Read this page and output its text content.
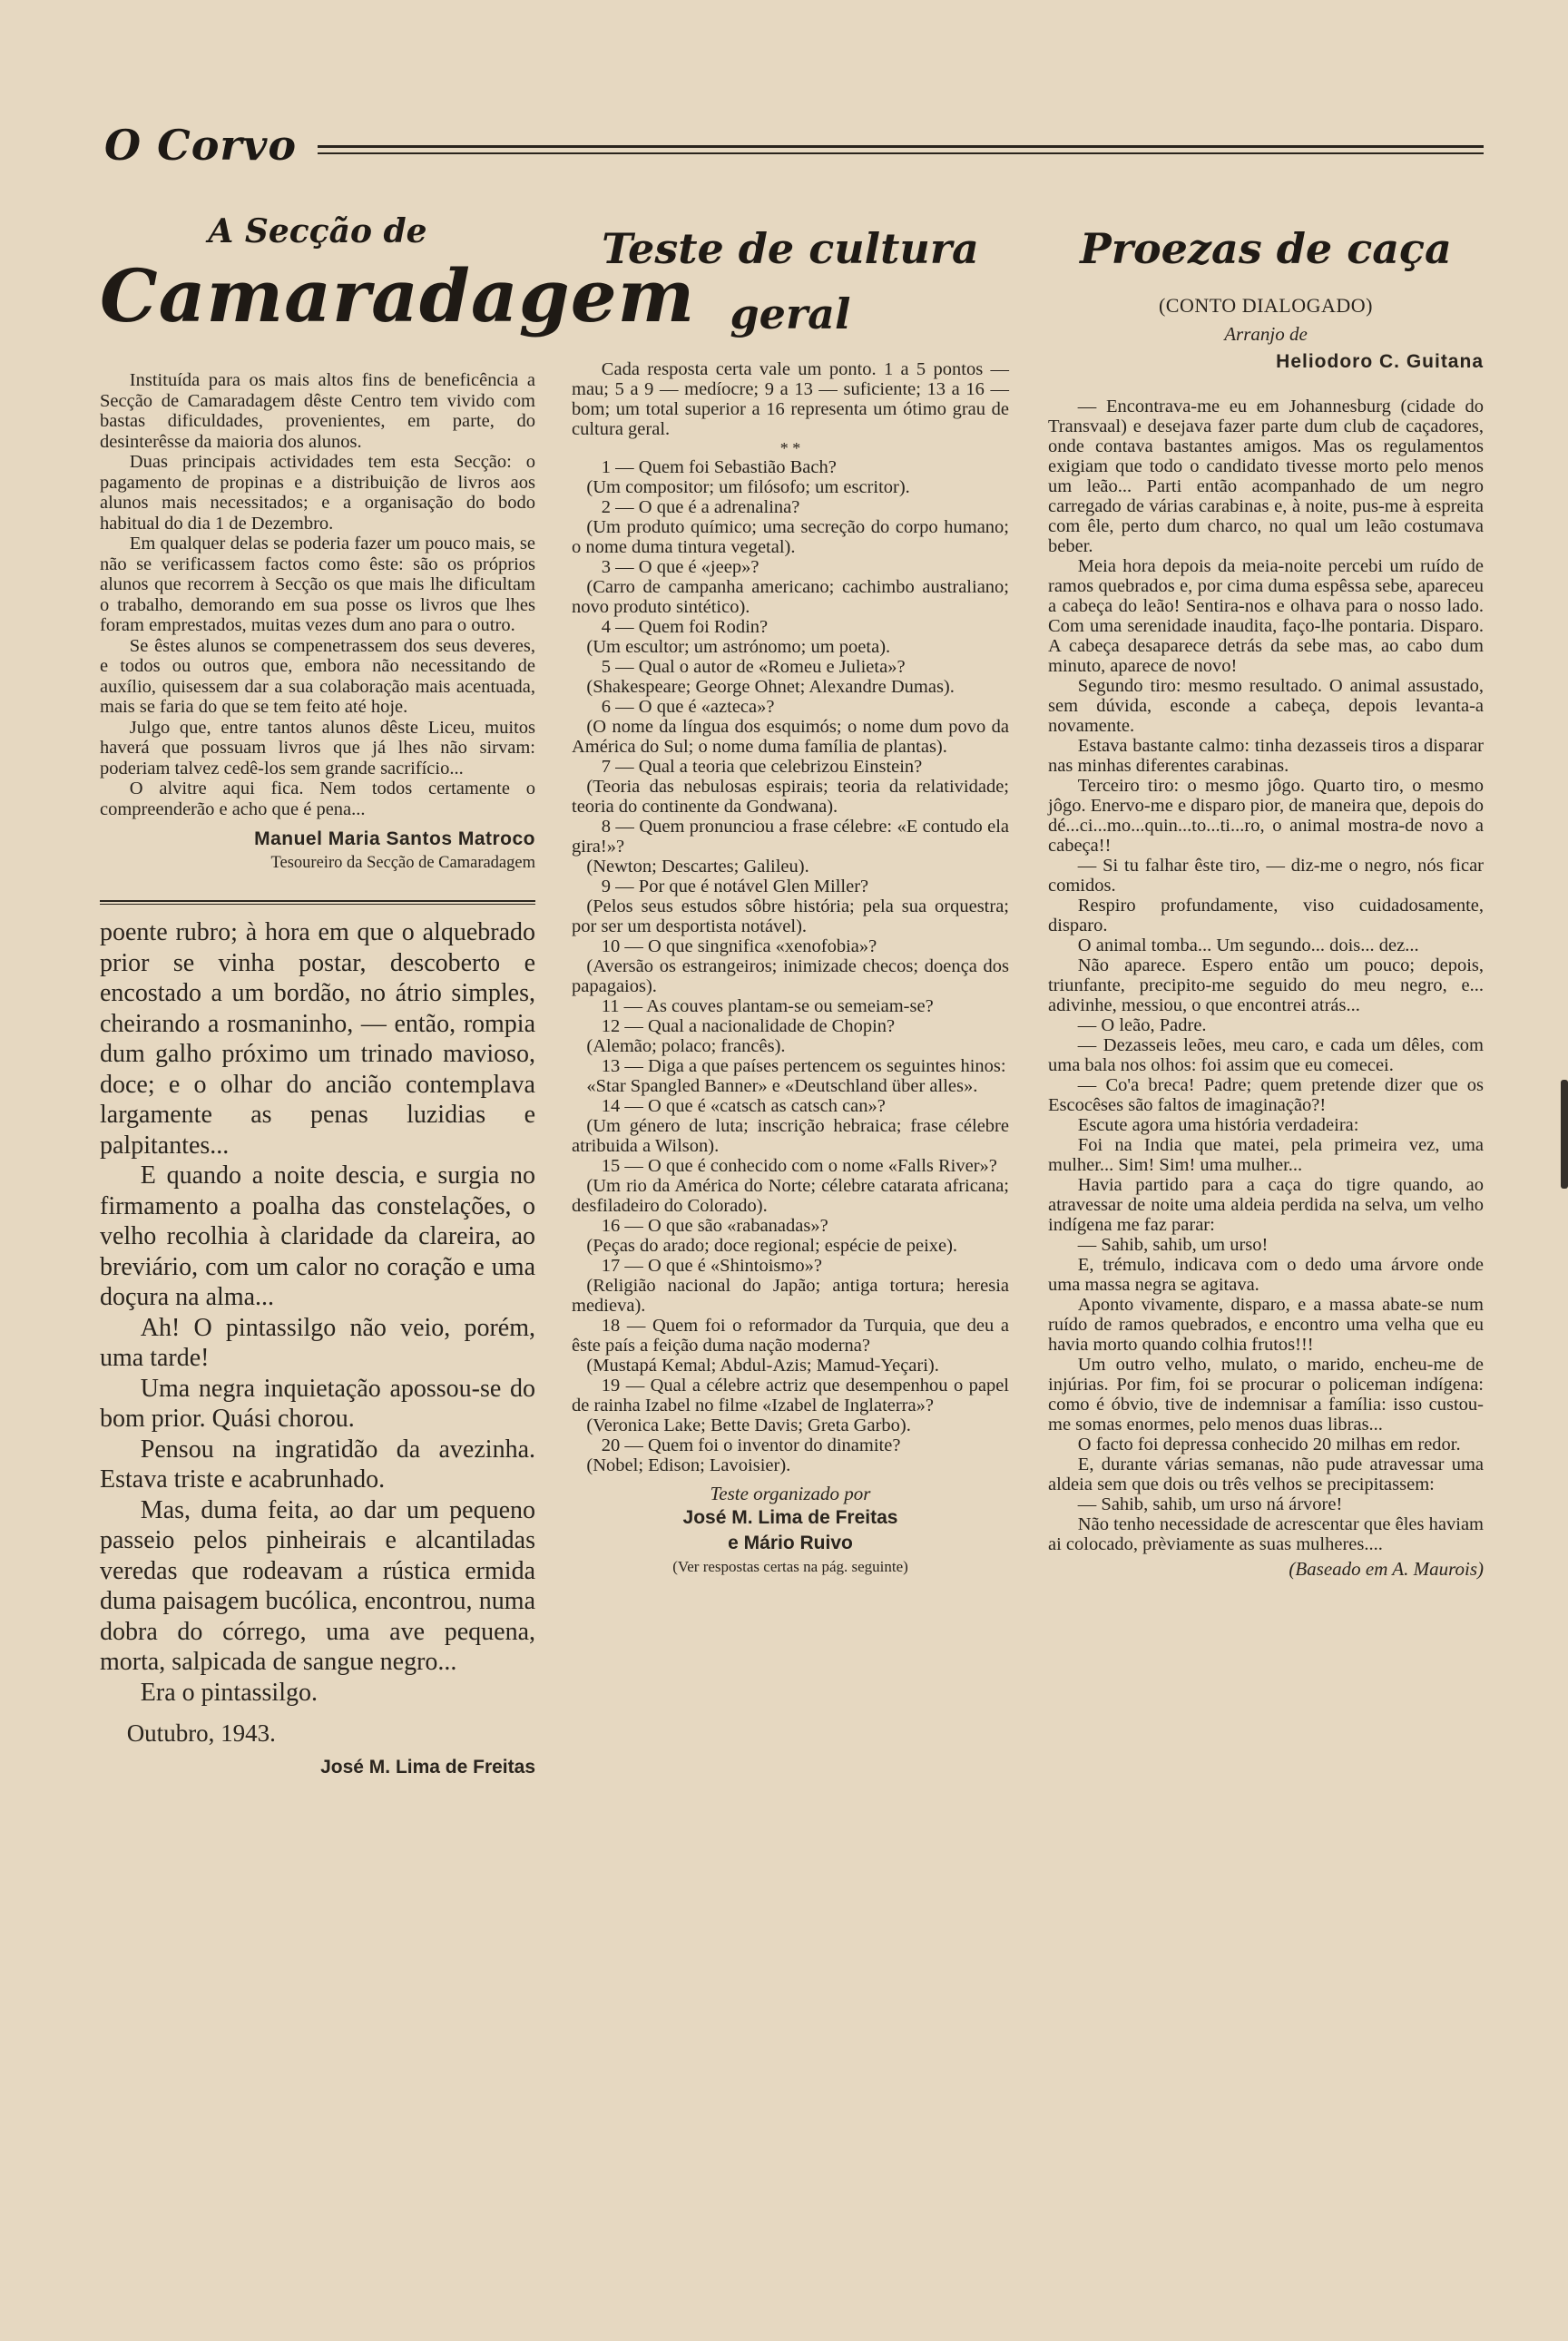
O Corvo
A Secção de
Camaradagem

Instituída para os mais altos fins de beneficência a Secção de Camaradagem dêste Centro tem vivido com bastas dificuldades, provenientes, em parte, do desinterêsse da maioria dos alunos.

Duas principais actividades tem esta Secção: o pagamento de propinas e a distribuição de livros aos alunos mais necessitados; e a organisação do bodo habitual do dia 1 de Dezembro.

Em qualquer delas se poderia fazer um pouco mais, se não se verificassem factos como êste: são os próprios alunos que recorrem à Secção os que mais lhe dificultam o trabalho, demorando em sua posse os livros que lhes foram emprestados, muitas vezes dum ano para o outro.

Se êstes alunos se compenetrassem dos seus deveres, e todos ou outros que, embora não necessitando de auxílio, quisessem dar a sua colaboração mais acentuada, mais se faria do que se tem feito até hoje.

Julgo que, entre tantos alunos dêste Liceu, muitos haverá que possuam livros que já lhes não sirvam: poderiam talvez cedê-los sem grande sacrifício...

O alvitre aqui fica. Nem todos certamente o compreenderão e acho que é pena...

Manuel Maria Santos Matroco
Tesoureiro da Secção de Camaradagem

poente rubro; à hora em que o alquebrado prior se vinha postar, descoberto e encostado a um bordão, no átrio simples, cheirando a rosmaninho, — então, rompia dum galho próximo um trinado mavioso, doce; e o olhar do ancião contemplava largamente as penas luzidias e palpitantes...

E quando a noite descia, e surgia no firmamento a poalha das constelações, o velho recolhia à claridade da clareira, ao breviário, com um calor no coração e uma doçura na alma...

Ah! O pintassilgo não veio, porém, uma tarde!

Uma negra inquietação apossou-se do bom prior. Quási chorou.

Pensou na ingratidão da avezinha. Estava triste e acabrunhado.

Mas, duma feita, ao dar um pequeno passeio pelos pinheirais e alcantiladas veredas que rodeavam a rústica ermida duma paisagem bucólica, encontrou, numa dobra do córrego, uma ave pequena, morta, salpicada de sangue negro...

Era o pintassilgo.

Outubro, 1943.
José M. Lima de Freitas
Teste de cultura geral

Cada resposta certa vale um ponto. 1 a 5 pontos — mau; 5 a 9 — medíocre; 9 a 13 — suficiente; 13 a 16 — bom; um total superior a 16 representa um ótimo grau de cultura geral.

* *

1 — Quem foi Sebastião Bach?

(Um compositor; um filósofo; um escritor).

2 — O que é a adrenalina?

(Um produto químico; uma secreção do corpo humano; o nome duma tintura vegetal).

3 — O que é «jeep»?

(Carro de campanha americano; cachimbo australiano; novo produto sintético).

4 — Quem foi Rodin?

(Um escultor; um astrónomo; um poeta).

5 — Qual o autor de «Romeu e Julieta»?

(Shakespeare; George Ohnet; Alexandre Dumas).

6 — O que é «azteca»?

(O nome da língua dos esquimós; o nome dum povo da América do Sul; o nome duma família de plantas).

7 — Qual a teoria que celebrizou Einstein?

(Teoria das nebulosas espirais; teoria da relatividade; teoria do continente da Gondwana).

8 — Quem pronunciou a frase célebre: «E contudo ela gira!»?

(Newton; Descartes; Galileu).

9 — Por que é notável Glen Miller?

(Pelos seus estudos sôbre história; pela sua orquestra; por ser um desportista notável).

10 — O que singnifica «xenofobia»?

(Aversão os estrangeiros; inimizade checos; doença dos papagaios).

11 — As couves plantam-se ou semeiam-se?

12 — Qual a nacionalidade de Chopin?

(Alemão; polaco; francês).

13 — Diga a que países pertencem os seguintes hinos:

«Star Spangled Banner» e «Deutschland über alles».

14 — O que é «catsch as catsch can»?

(Um género de luta; inscrição hebraica; frase célebre atribuida a Wilson).

15 — O que é conhecido com o nome «Falls River»?

(Um rio da América do Norte; célebre catarata africana; desfiladeiro do Colorado).

16 — O que são «rabanadas»?

(Peças do arado; doce regional; espécie de peixe).

17 — O que é «Shintoismo»?

(Religião nacional do Japão; antiga tortura; heresia medieva).

18 — Quem foi o reformador da Turquia, que deu a êste país a feição duma nação moderna?

(Mustapá Kemal; Abdul-Azis; Mamud-Yeçari).

19 — Qual a célebre actriz que desempenhou o papel de rainha Izabel no filme «Izabel de Inglaterra»?

(Veronica Lake; Bette Davis; Greta Garbo).

20 — Quem foi o inventor do dinamite?

(Nobel; Edison; Lavoisier).

Teste organizado por
José M. Lima de Freitas
e Mário Ruivo
(Ver respostas certas na pág. seguinte)
Proezas de caça
(CONTO DIALOGADO)
Arranjo de
Heliodoro C. Guitana

— Encontrava-me eu em Johannesburg (cidade do Transvaal) e desejava fazer parte dum club de caçadores, onde contava bastantes amigos. Mas os regulamentos exigiam que todo o candidato tivesse morto pelo menos um leão... Parti então acompanhado de um negro carregado de várias carabinas e, à noite, pus-me à espreita com êle, perto dum charco, no qual um leão costumava beber.

Meia hora depois da meia-noite percebi um ruído de ramos quebrados e, por cima duma espêssa sebe, apareceu a cabeça do leão! Sentira-nos e olhava para o nosso lado. Com uma serenidade inaudita, faço-lhe pontaria. Disparo. A cabeça desaparece detrás da sebe mas, ao cabo dum minuto, aparece de novo!

Segundo tiro: mesmo resultado. O animal assustado, sem dúvida, esconde a cabeça, depois levanta-a novamente.

Estava bastante calmo: tinha dezasseis tiros a disparar nas minhas diferentes carabinas.

Terceiro tiro: o mesmo jôgo. Quarto tiro, o mesmo jôgo. Enervo-me e disparo pior, de maneira que, depois do dé...ci...mo...quin...to...ti...ro, o animal mostra-de novo a cabeça!!

— Si tu falhar êste tiro, — diz-me o negro, nós ficar comidos.

Respiro profundamente, viso cuidadosamente, disparo.

O animal tomba... Um segundo... dois... dez...

Não aparece. Espero então um pouco; depois, triunfante, precipito-me seguido do meu negro, e... adivinhe, messiou, o que encontrei atrás...

— O leão, Padre.

— Dezasseis leões, meu caro, e cada um dêles, com uma bala nos olhos: foi assim que eu comecei.

— Co'a breca! Padre; quem pretende dizer que os Escocêses são faltos de imaginação?!

Escute agora uma história verdadeira:

Foi na India que matei, pela primeira vez, uma mulher... Sim! Sim! uma mulher...

Havia partido para a caça do tigre quando, ao atravessar de noite uma aldeia perdida na selva, um velho indígena me faz parar:

— Sahib, sahib, um urso!

E, trémulo, indicava com o dedo uma árvore onde uma massa negra se agitava.

Aponto vivamente, disparo, e a massa abate-se num ruído de ramos quebrados, e encontro uma velha que eu havia morto quando colhia frutos!!!

Um outro velho, mulato, o marido, encheu-me de injúrias. Por fim, foi se procurar o policeman indígena: como é óbvio, tive de indemnisar a família: isso custou-me somas enormes, pelo menos duas libras...

O facto foi depressa conhecido 20 milhas em redor.

E, durante várias semanas, não pude atravessar uma aldeia sem que dois ou três velhos se precipitassem:

— Sahib, sahib, um urso ná árvore!

Não tenho necessidade de acrescentar que êles haviam ai colocado, prèviamente as suas mulheres....

(Baseado em A. Maurois)
